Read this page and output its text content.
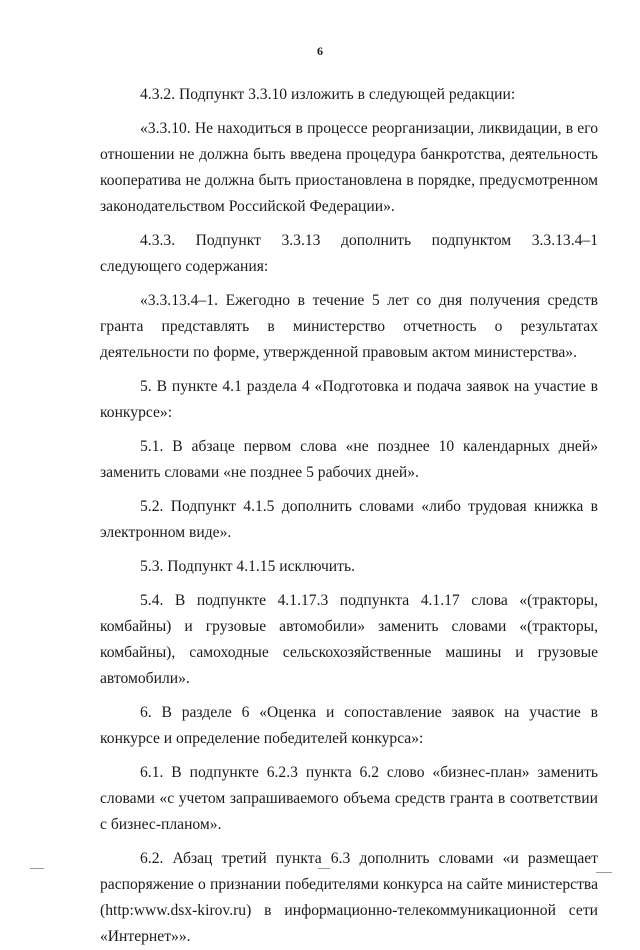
6

4.3.2. Подпункт 3.3.10 изложить в следующей редакции:

«3.3.10. Не находиться в процессе реорганизации, ликвидации, в его отношении не должна быть введена процедура банкротства, деятельность кооператива не должна быть приостановлена в порядке, предусмотренном законодательством Российской Федерации».

4.3.3. Подпункт 3.3.13 дополнить подпунктом 3.3.13.4–1 следующего содержания:

«3.3.13.4–1. Ежегодно в течение 5 лет со дня получения средств гранта представлять в министерство отчетность о результатах деятельности по форме, утвержденной правовым актом министерства».

5. В пункте 4.1 раздела 4 «Подготовка и подача заявок на участие в конкурсе»:

5.1. В абзаце первом слова «не позднее 10 календарных дней» заменить словами «не позднее 5 рабочих дней».

5.2. Подпункт 4.1.5 дополнить словами «либо трудовая книжка в электронном виде».

5.3. Подпункт 4.1.15 исключить.

5.4. В подпункте 4.1.17.3 подпункта 4.1.17 слова «(тракторы, комбайны) и грузовые автомобили» заменить словами «(тракторы, комбайны), самоходные сельскохозяйственные машины и грузовые автомобили».

6. В разделе 6 «Оценка и сопоставление заявок на участие в конкурсе и определение победителей конкурса»:

6.1. В подпункте 6.2.3 пункта 6.2 слово «бизнес-план» заменить словами «с учетом запрашиваемого объема средств гранта в соответствии с бизнес-планом».

6.2. Абзац третий пункта 6.3 дополнить словами «и размещает распоряжение о признании победителями конкурса на сайте министерства (http:www.dsx-kirov.ru) в информационно-телекоммуникационной сети «Интернет»».
